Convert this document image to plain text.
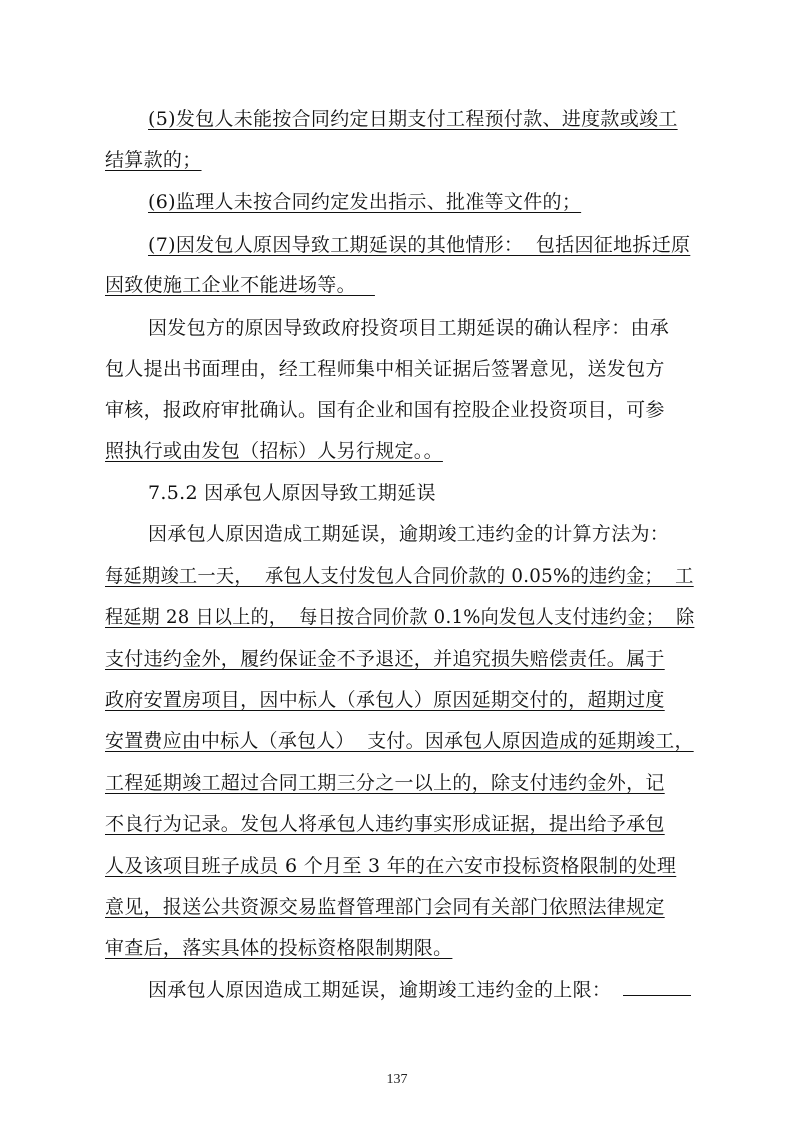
(5)发包人未能按合同约定日期支付工程预付款、进度款或竣工
结算款的；
(6)监理人未按合同约定发出指示、批准等文件的；
(7)因发包人原因导致工期延误的其他情形：  包括因征地拆迁原
因致使施工企业不能进场等。
因发包方的原因导致政府投资项目工期延误的确认程序：由承
包人提出书面理由，经工程师集中相关证据后签署意见，送发包方
审核，报政府审批确认。国有企业和国有控股企业投资项目，可参
照执行或由发包（招标）人另行规定。。
7.5.2 因承包人原因导致工期延误
因承包人原因造成工期延误，逾期竣工违约金的计算方法为：
每延期竣工一天，  承包人支付发包人合同价款的 0.05%的违约金；  工
程延期 28 日以上的，  每日按合同价款 0.1%向发包人支付违约金；  除
支付违约金外，履约保证金不予退还，并追究损失赔偿责任。属于
政府安置房项目，因中标人（承包人）原因延期交付的，超期过度
安置费应由中标人（承包人）  支付。因承包人原因造成的延期竣工，
工程延期竣工超过合同工期三分之一以上的，除支付违约金外，记
不良行为记录。发包人将承包人违约事实形成证据，提出给予承包
人及该项目班子成员 6 个月至 3 年的在六安市投标资格限制的处理
意见，报送公共资源交易监督管理部门会同有关部门依照法律规定
审查后，落实具体的投标资格限制期限。
因承包人原因造成工期延误，逾期竣工违约金的上限：
137
